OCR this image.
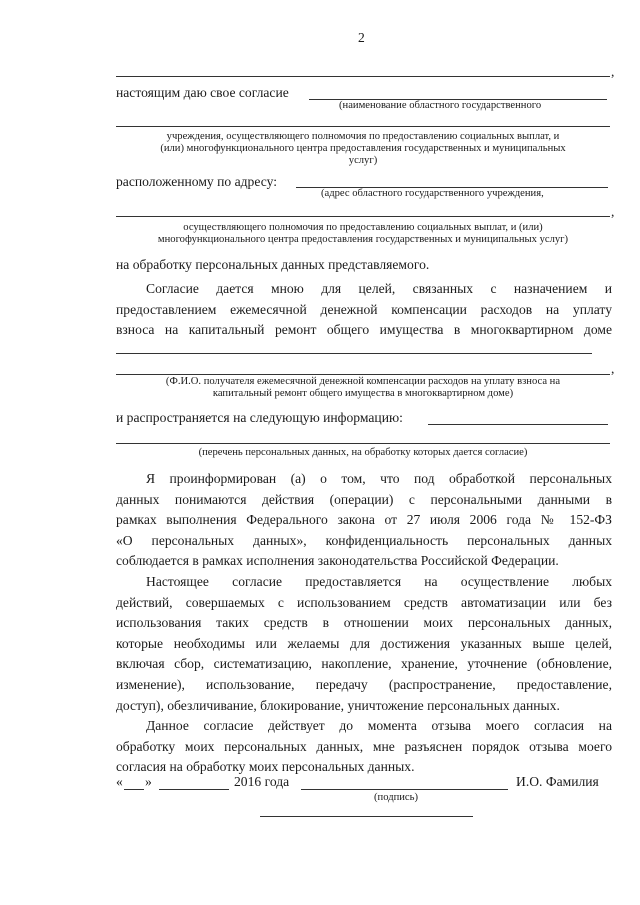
2
,
настоящим даю свое согласие
(наименование областного государственного
учреждения, осуществляющего полномочия по предоставлению социальных выплат, и
(или) многофункционального центра предоставления государственных и муниципальных
услуг)
расположенному по адресу:
(адрес областного государственного учреждения,
,
осуществляющего полномочия по предоставлению социальных выплат, и (или)
многофункционального центра предоставления государственных и муниципальных услуг)
на обработку персональных данных представляемого.
Согласие дается мною для целей, связанных с назначением и
предоставлением ежемесячной денежной компенсации расходов на уплату
взноса на капитальный ремонт общего имущества в многоквартирном доме
,
(Ф.И.О. получателя ежемесячной денежной компенсации расходов на уплату взноса на
капитальный ремонт общего имущества в многоквартирном доме)
и распространяется на следующую информацию:
(перечень персональных данных, на обработку которых дается согласие)
Я проинформирован (а) о том, что под обработкой персональных
данных понимаются действия (операции) с персональными данными в
рамках выполнения Федерального закона от 27 июля 2006 года № 152-ФЗ
«О персональных данных», конфиденциальность персональных данных
соблюдается в рамках исполнения законодательства Российской Федерации.
Настоящее согласие предоставляется на осуществление любых
действий, совершаемых с использованием средств автоматизации или без
использования таких средств в отношении моих персональных данных,
которые необходимы или желаемы для достижения указанных выше целей,
включая сбор, систематизацию, накопление, хранение, уточнение (обновление,
изменение), использование, передачу (распространение, предоставление,
доступ), обезличивание, блокирование, уничтожение персональных данных.
Данное согласие действует до момента отзыва моего согласия на
обработку моих персональных данных, мне разъяснен порядок отзыва моего
согласия на обработку моих персональных данных.
« »	2016 года	И.О. Фамилия
(подпись)
